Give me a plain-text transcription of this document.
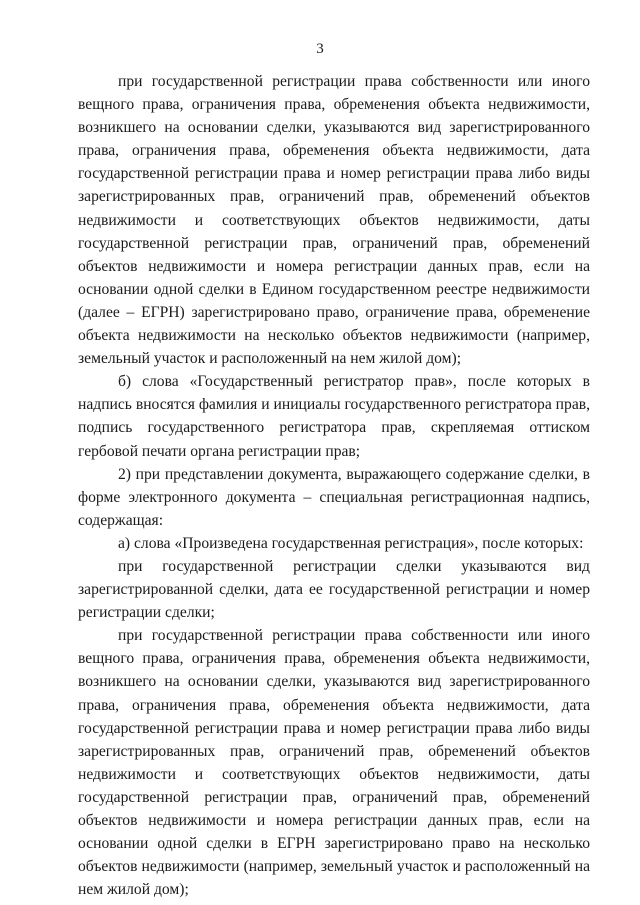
3

при государственной регистрации права собственности или иного вещного права, ограничения права, обременения объекта недвижимости, возникшего на основании сделки, указываются вид зарегистрированного права, ограничения права, обременения объекта недвижимости, дата государственной регистрации права и номер регистрации права либо виды зарегистрированных прав, ограничений прав, обременений объектов недвижимости и соответствующих объектов недвижимости, даты государственной регистрации прав, ограничений прав, обременений объектов недвижимости и номера регистрации данных прав, если на основании одной сделки в Едином государственном реестре недвижимости (далее – ЕГРН) зарегистрировано право, ограничение права, обременение объекта недвижимости на несколько объектов недвижимости (например, земельный участок и расположенный на нем жилой дом);

б) слова «Государственный регистратор прав», после которых в надпись вносятся фамилия и инициалы государственного регистратора прав, подпись государственного регистратора прав, скрепляемая оттиском гербовой печати органа регистрации прав;

2) при представлении документа, выражающего содержание сделки, в форме электронного документа – специальная регистрационная надпись, содержащая:

а) слова «Произведена государственная регистрация», после которых:

при государственной регистрации сделки указываются вид зарегистрированной сделки, дата ее государственной регистрации и номер регистрации сделки;

при государственной регистрации права собственности или иного вещного права, ограничения права, обременения объекта недвижимости, возникшего на основании сделки, указываются вид зарегистрированного права, ограничения права, обременения объекта недвижимости, дата государственной регистрации права и номер регистрации права либо виды зарегистрированных прав, ограничений прав, обременений объектов недвижимости и соответствующих объектов недвижимости, даты государственной регистрации прав, ограничений прав, обременений объектов недвижимости и номера регистрации данных прав, если на основании одной сделки в ЕГРН зарегистрировано право на несколько объектов недвижимости (например, земельный участок и расположенный на нем жилой дом);
